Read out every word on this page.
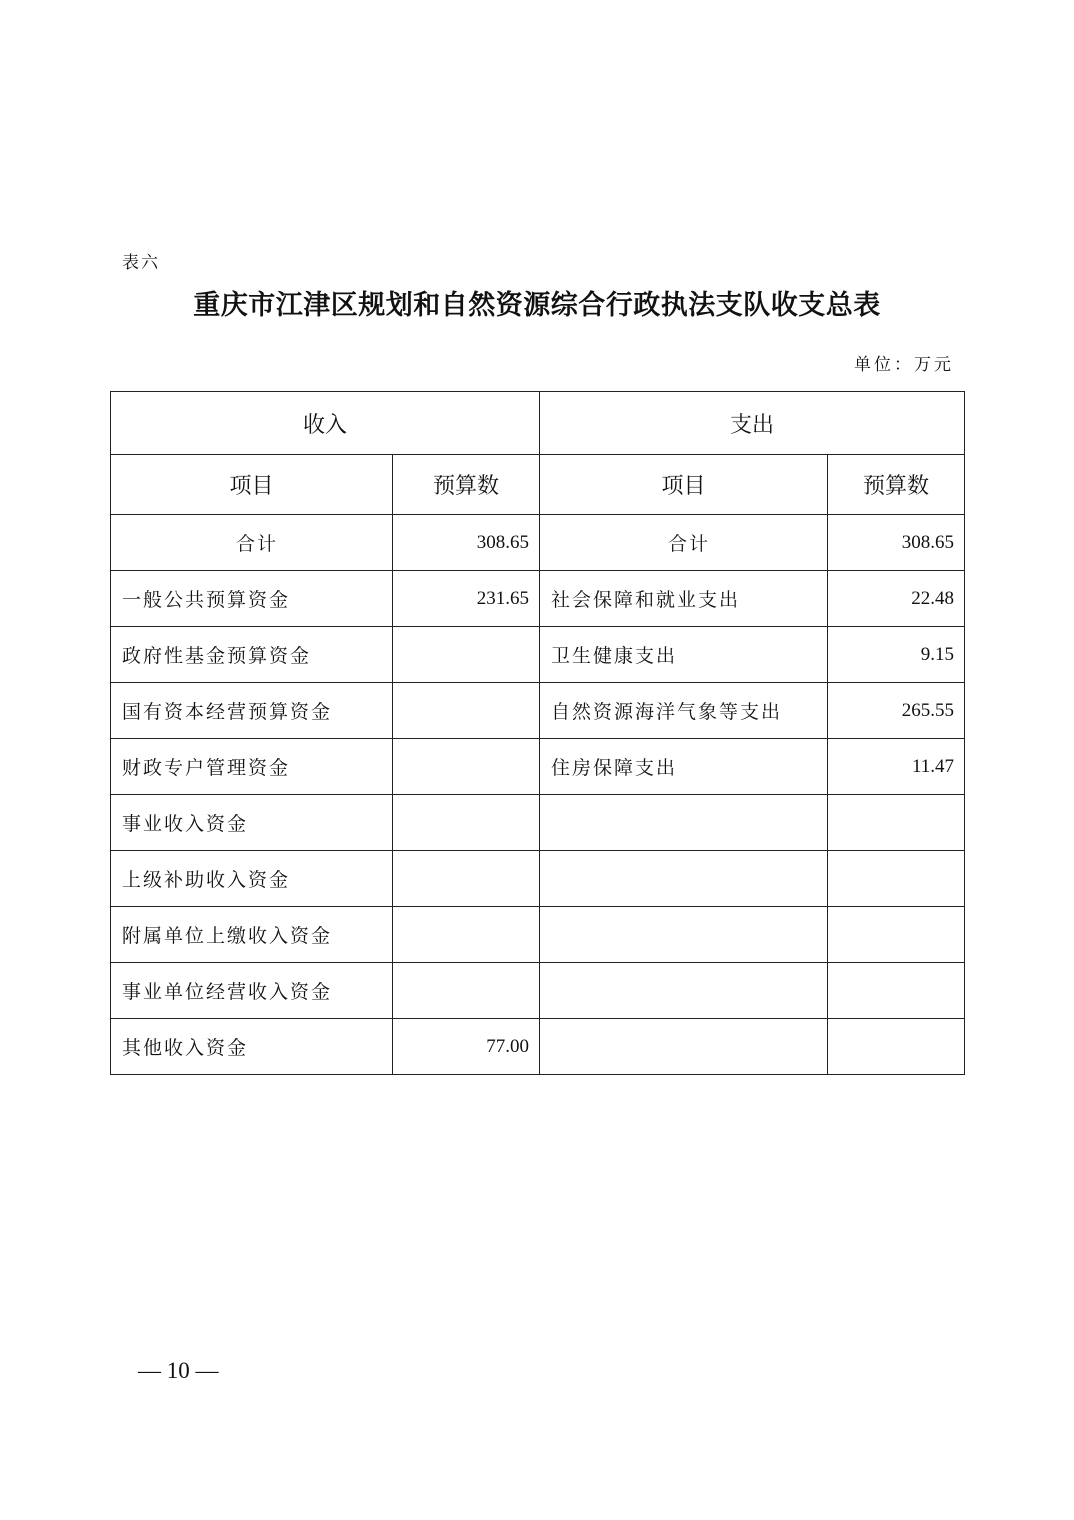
表六
重庆市江津区规划和自然资源综合行政执法支队收支总表
单位：万元
收入		支出	
项目	预算数	项目	预算数
合计	308.65	合计	308.65
一般公共预算资金	231.65	社会保障和就业支出	22.48
政府性基金预算资金		卫生健康支出	9.15
国有资本经营预算资金		自然资源海洋气象等支出	265.55
财政专户管理资金		住房保障支出	11.47
事业收入资金			
上级补助收入资金			
附属单位上缴收入资金			
事业单位经营收入资金			
其他收入资金	77.00		
— 10 —
